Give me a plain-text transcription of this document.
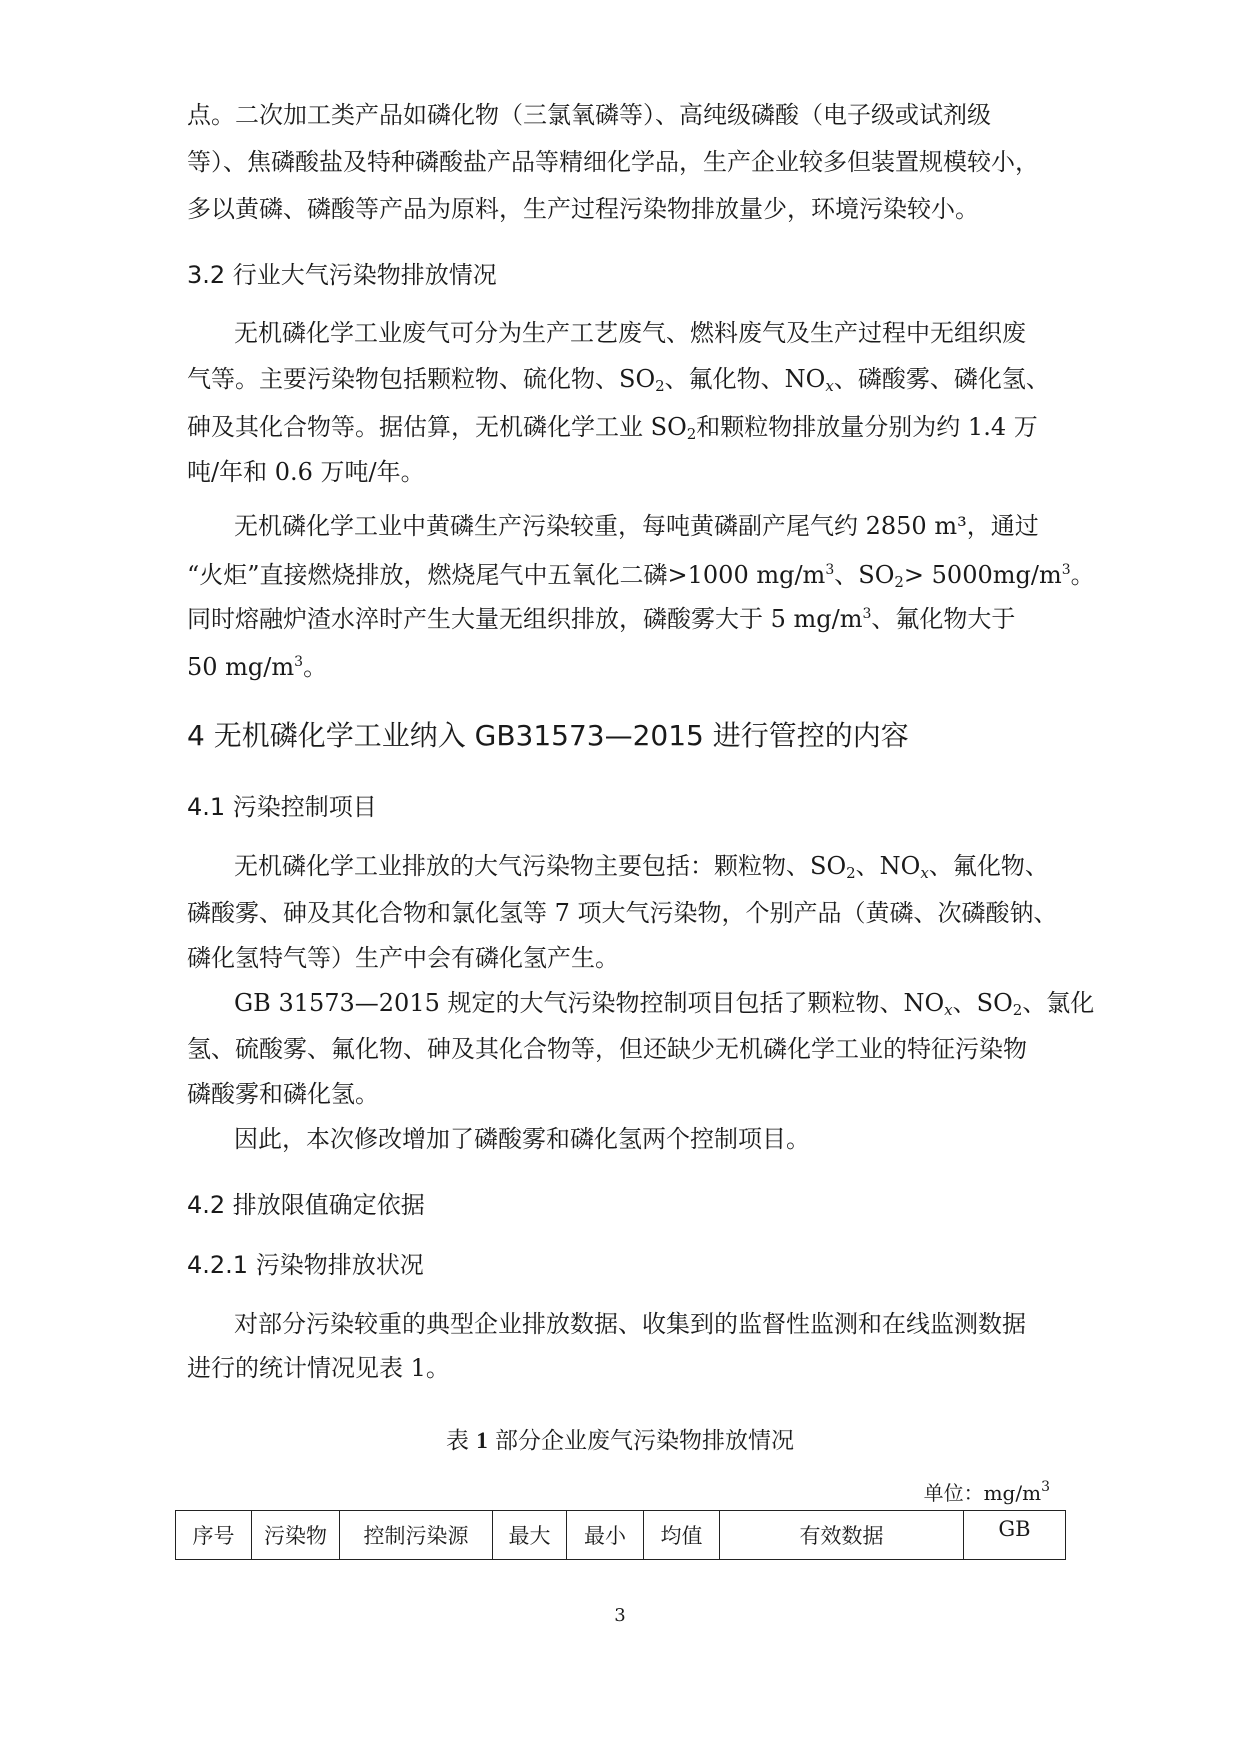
点。二次加工类产品如磷化物（三氯氧磷等）、高纯级磷酸（电子级或试剂级

等）、焦磷酸盐及特种磷酸盐产品等精细化学品，生产企业较多但装置规模较小，

多以黄磷、磷酸等产品为原料，生产过程污染物排放量少，环境污染较小。

3.2 行业大气污染物排放情况

无机磷化学工业废气可分为生产工艺废气、燃料废气及生产过程中无组织废

气等。主要污染物包括颗粒物、硫化物、$SO_2$、氟化物、$NO_x$、磷酸雾、磷化氢、

砷及其化合物等。据估算，无机磷化学工业 $SO_2$和颗粒物排放量分别为约 1.4 万

吨/年和 0.6 万吨/年。

无机磷化学工业中黄磷生产污染较重，每吨黄磷副产尾气约 2850 m³，通过

“火炬”直接燃烧排放，燃烧尾气中五氧化二磷>1000 $mg/m^3$、$SO_2> 5000mg/m^3$。

同时熔融炉渣水淬时产生大量无组织排放，磷酸雾大于 5 $mg/m^3$、氟化物大于

50 $mg/m^3$。

4 无机磷化学工业纳入 GB31573—2015 进行管控的内容
4.1 污染控制项目

无机磷化学工业排放的大气污染物主要包括：颗粒物、$SO_2$、$NO_x$、氟化物、

磷酸雾、砷及其化合物和氯化氢等 7 项大气污染物，个别产品（黄磷、次磷酸钠、

磷化氢特气等）生产中会有磷化氢产生。

GB 31573—2015 规定的大气污染物控制项目包括了颗粒物、$NO_x$、$SO_2$、氯化

氢、硫酸雾、氟化物、砷及其化合物等，但还缺少无机磷化学工业的特征污染物

磷酸雾和磷化氢。

因此，本次修改增加了磷酸雾和磷化氢两个控制项目。

4.2 排放限值确定依据
4.2.1 污染物排放状况

对部分污染较重的典型企业排放数据、收集到的监督性监测和在线监测数据

进行的统计情况见表 1。

表 1 部分企业废气污染物排放情况

单位：$mg/m^3$

序号	污染物	控制污染源	最大	最小	均值	有效数据	GB

3
